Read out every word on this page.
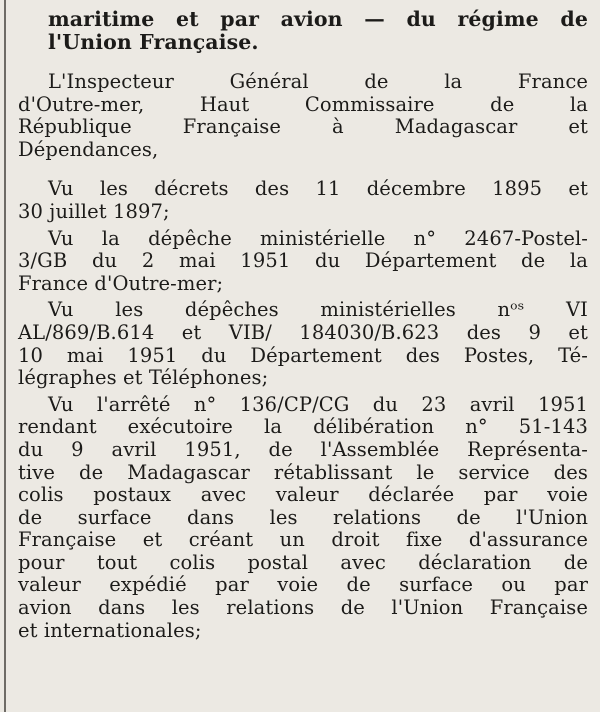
maritime et par avion — du régime de
l'Union Française.

L'Inspecteur Général de la France
d'Outre-mer, Haut Commissaire de la
République Française à Madagascar et
Dépendances,

Vu les décrets des 11 décembre 1895 et
30 juillet 1897;

Vu la dépêche ministérielle n° 2467-Postel-
3/GB du 2 mai 1951 du Département de la
France d'Outre-mer;

Vu les dépêches ministérielles nᵒˢ VI
AL/869/B.614 et VIB/ 184030/B.623 des 9 et
10 mai 1951 du Département des Postes, Té-
légraphes et Téléphones;

Vu l'arrêté n° 136/CP/CG du 23 avril 1951
rendant exécutoire la délibération n° 51-143
du 9 avril 1951, de l'Assemblée Représenta-
tive de Madagascar rétablissant le service des
colis postaux avec valeur déclarée par voie
de surface dans les relations de l'Union
Française et créant un droit fixe d'assurance
pour tout colis postal avec déclaration de
valeur expédié par voie de surface ou par
avion dans les relations de l'Union Française
et internationales;
